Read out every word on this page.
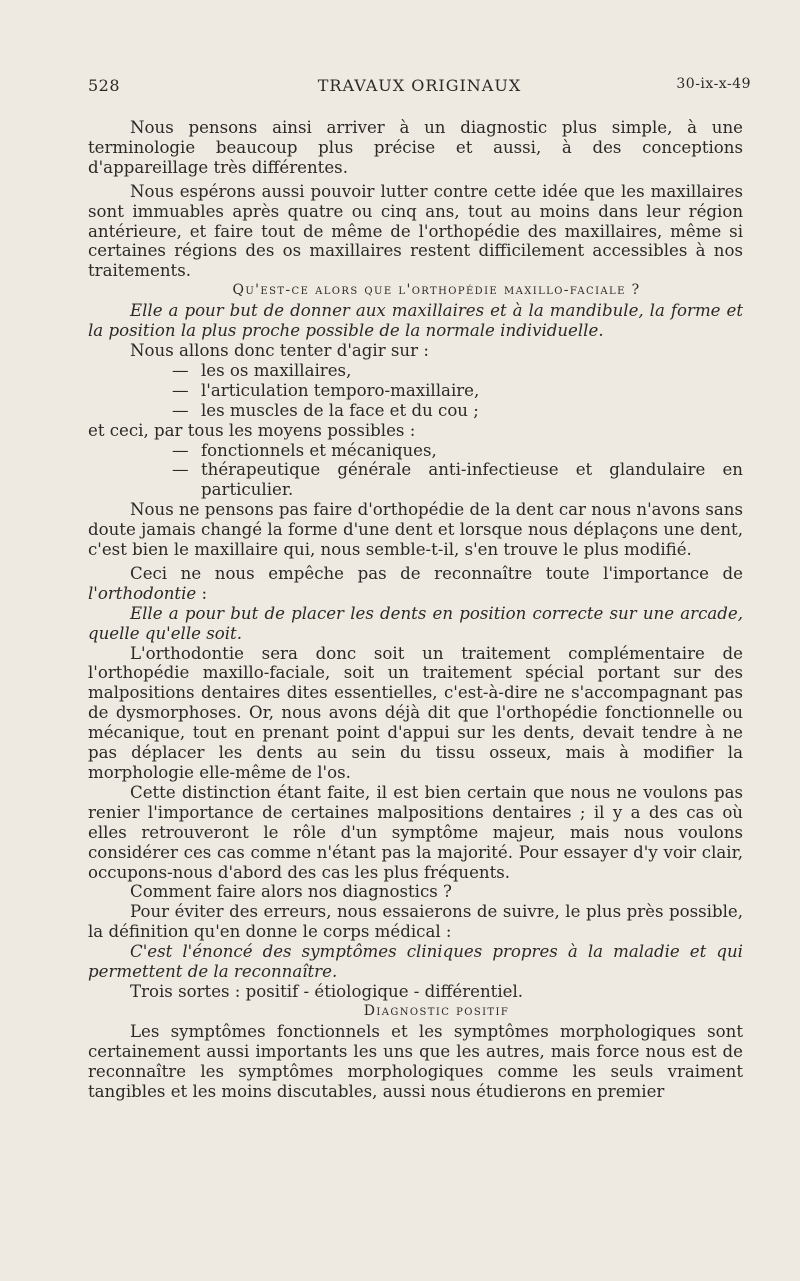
528	TRAVAUX ORIGINAUX	30-ix-x-49

Nous pensons ainsi arriver à un diagnostic plus simple, à une terminologie beaucoup plus précise et aussi, à des conceptions d'appareillage très différentes.

Nous espérons aussi pouvoir lutter contre cette idée que les maxillaires sont immuables après quatre ou cinq ans, tout au moins dans leur région antérieure, et faire tout de même de l'orthopédie des maxillaires, même si certaines régions des os maxillaires restent difficilement accessibles à nos traitements.

Qu'est-ce alors que l'orthopédie maxillo-faciale ?

Elle a pour but de donner aux maxillaires et à la mandibule, la forme et la position la plus proche possible de la normale individuelle.

Nous allons donc tenter d'agir sur :

— les os maxillaires,
— l'articulation temporo-maxillaire,
— les muscles de la face et du cou ;

et ceci, par tous les moyens possibles :

— fonctionnels et mécaniques,
— thérapeutique générale anti-infectieuse et glandulaire en particulier.

Nous ne pensons pas faire d'orthopédie de la dent car nous n'avons sans doute jamais changé la forme d'une dent et lorsque nous déplaçons une dent, c'est bien le maxillaire qui, nous semble-t-il, s'en trouve le plus modifié.

Ceci ne nous empêche pas de reconnaître toute l'importance de l'orthodontie :

Elle a pour but de placer les dents en position correcte sur une arcade, quelle qu'elle soit.

L'orthodontie sera donc soit un traitement complémentaire de l'orthopédie maxillo-faciale, soit un traitement spécial portant sur des malpositions dentaires dites essentielles, c'est-à-dire ne s'accompagnant pas de dysmorphoses. Or, nous avons déjà dit que l'orthopédie fonctionnelle ou mécanique, tout en prenant point d'appui sur les dents, devait tendre à ne pas déplacer les dents au sein du tissu osseux, mais à modifier la morphologie elle-même de l'os.

Cette distinction étant faite, il est bien certain que nous ne voulons pas renier l'importance de certaines malpositions dentaires ; il y a des cas où elles retrouveront le rôle d'un symptôme majeur, mais nous voulons considérer ces cas comme n'étant pas la majorité. Pour essayer d'y voir clair, occupons-nous d'abord des cas les plus fréquents.

Comment faire alors nos diagnostics ?

Pour éviter des erreurs, nous essaierons de suivre, le plus près possible, la définition qu'en donne le corps médical :

C'est l'énoncé des symptômes cliniques propres à la maladie et qui permettent de la reconnaître.

Trois sortes : positif - étiologique - différentiel.

Diagnostic positif

Les symptômes fonctionnels et les symptômes morphologiques sont certainement aussi importants les uns que les autres, mais force nous est de reconnaître les symptômes morphologiques comme les seuls vraiment tangibles et les moins discutables, aussi nous étudierons en premier
